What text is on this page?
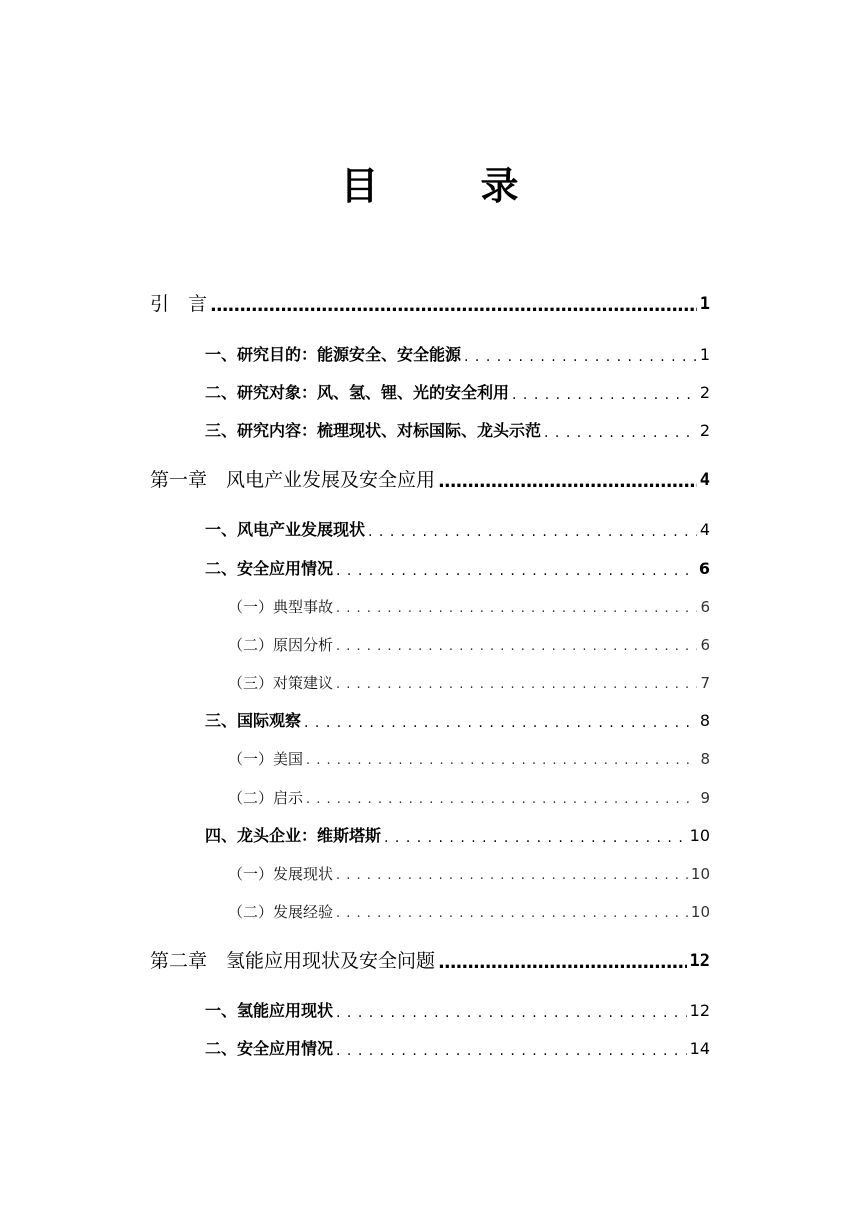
目　录
引　言 .....	1
一、研究目的：能源安全、安全能源 . . .	1
二、研究对象：风、氢、锂、光的安全利用 . . .	2
三、研究内容：梳理现状、对标国际、龙头示范 . . .	2
第一章　风电产业发展及安全应用 .....	4
一、风电产业发展现状 . . .	4
二、安全应用情况 . . .	6
（一）典型事故 . . .	6
（二）原因分析 . . .	6
（三）对策建议 . . .	7
三、国际观察 . . .	8
（一）美国 . . .	8
（二）启示 . . .	9
四、龙头企业：维斯塔斯 . . .	10
（一）发展现状 . . .	10
（二）发展经验 . . .	10
第二章　氢能应用现状及安全问题 .....	12
一、氢能应用现状 . . .	12
二、安全应用情况 . . .	14
